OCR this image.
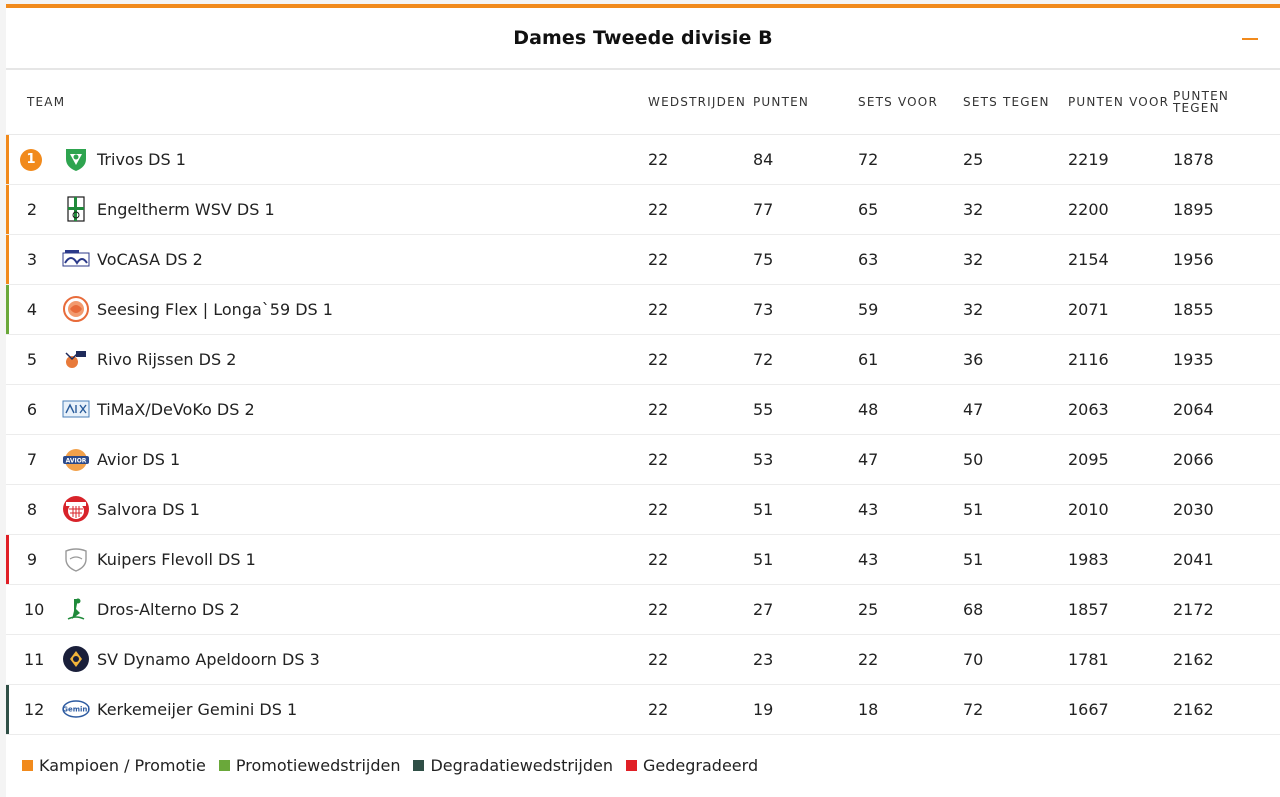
Dames Tweede divisie B
TEAM		WEDSTRIJDEN	PUNTEN	SETS VOOR	SETS TEGEN	PUNTEN VOOR	PUNTEN TEGEN

1	Trivos DS 1	22	84	72	25	2219	1878

2	Engeltherm WSV DS 1	22	77	65	32	2200	1895

3	VoCASA DS 2	22	75	63	32	2154	1956

4	Seesing Flex | Longa`59 DS 1	22	73	59	32	2071	1855
5	Rivo Rijssen DS 2	22	72	61	36	2116	1935
6	TiMaX/DeVoKo DS 2	22	55	48	47	2063	2064
7	AVIOR Avior DS 1	22	53	47	50	2095	2066
8	Salvora DS 1	22	51	43	51	2010	2030

9	Kuipers Flevoll DS 1	22	51	43	51	1983	2041
10	Dros-Alterno DS 2	22	27	25	68	1857	2172
11	SV Dynamo Apeldoorn DS 3	22	23	22	70	1781	2162

12	Gemini Kerkemeijer Gemini DS 1	22	19	18	72	1667	2162
Kampioen / Promotie Promotiewedstrijden Degradatiewedstrijden Gedegradeerd
